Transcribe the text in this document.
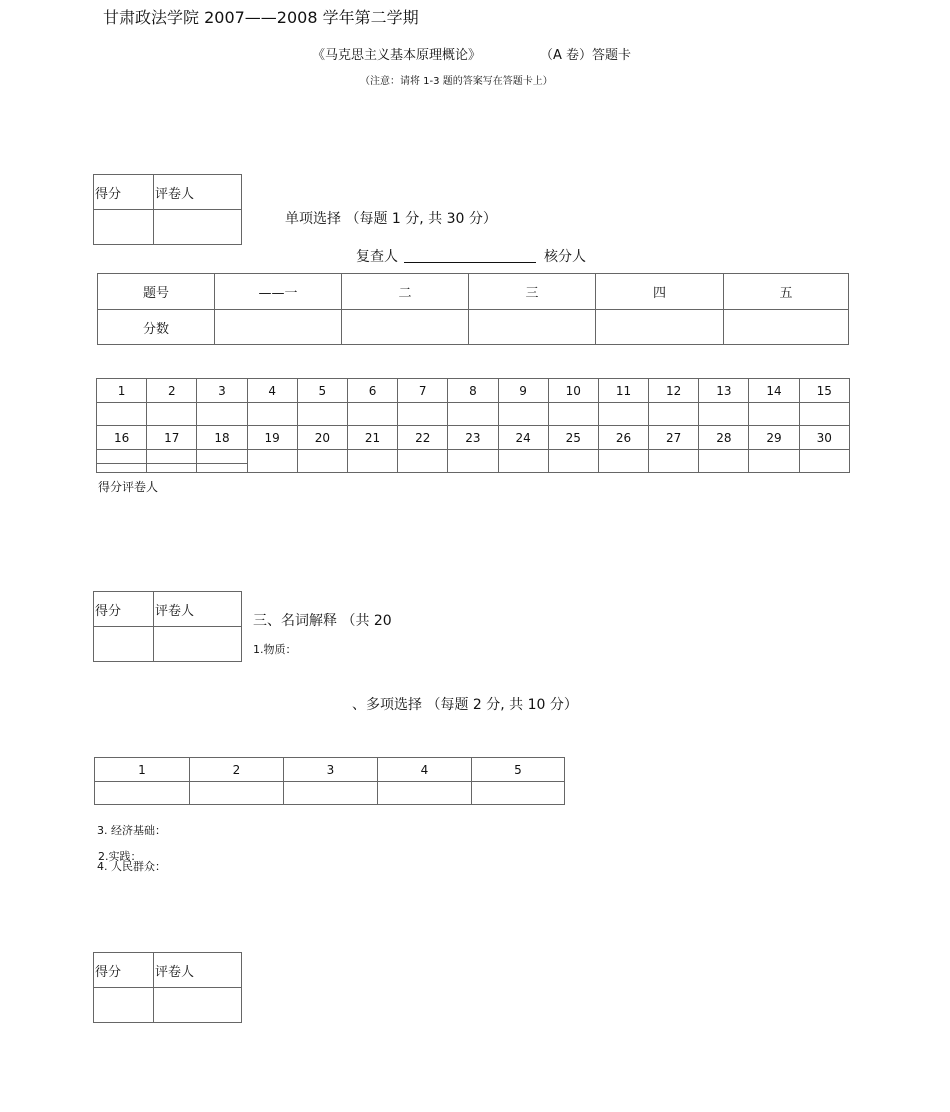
甘肃政法学院 2007——2008 学年第二学期
《马克思主义基本原理概论》	（A 卷）答题卡
（注意：请将 1-3 题的答案写在答题卡上）
得分	评卷人

单项选择 （每题 1 分, 共 30 分）
复查人	核分人
题号	——一	二	三	四	五
分数					
1	2	3	4	5	6	7	8	9	10	11	12	13	14	15

16	17	18	19	20	21	22	23	24	25	26	27	28	29	30

得分评卷人
得分	评卷人

三、名词解释 （共 20
1.物质：
、多项选择 （每题 2 分, 共 10 分）
1	2	3	4	5

3. 经济基础：
2.实践：
4. 人民群众：
得分	评卷人
